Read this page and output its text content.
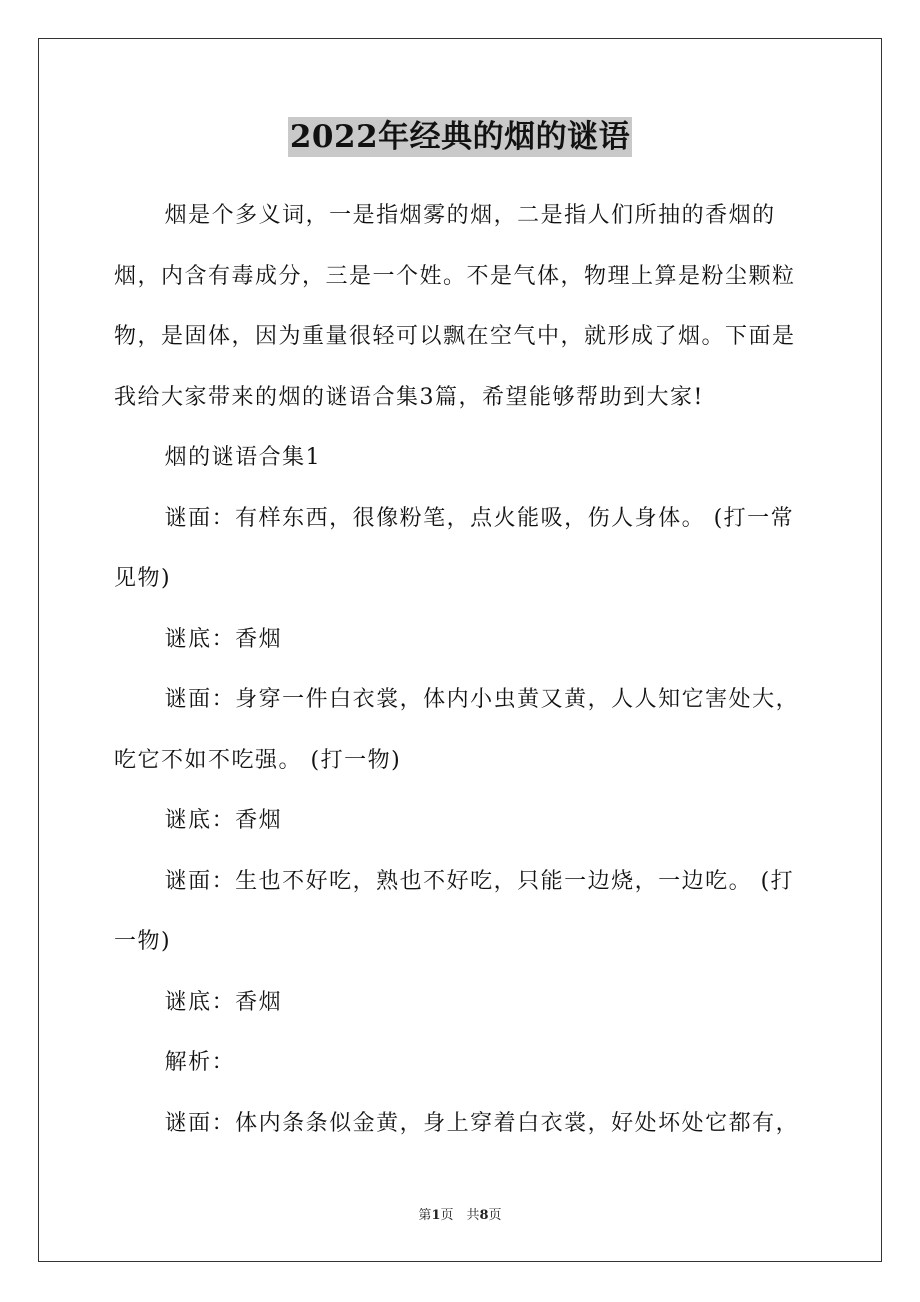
2022年经典的烟的谜语

烟是个多义词，一是指烟雾的烟，二是指人们所抽的香烟的烟，内含有毒成分，三是一个姓。不是气体，物理上算是粉尘颗粒物，是固体，因为重量很轻可以飘在空气中，就形成了烟。下面是我给大家带来的烟的谜语合集3篇，希望能够帮助到大家!

烟的谜语合集1

谜面：有样东西，很像粉笔，点火能吸，伤人身体。 (打一常见物)

谜底：香烟

谜面：身穿一件白衣裳，体内小虫黄又黄，人人知它害处大，吃它不如不吃强。 (打一物)

谜底：香烟

谜面：生也不好吃，熟也不好吃，只能一边烧，一边吃。 (打一物)

谜底：香烟

解析：

谜面：体内条条似金黄，身上穿着白衣裳，好处坏处它都有，

第1页　共8页
